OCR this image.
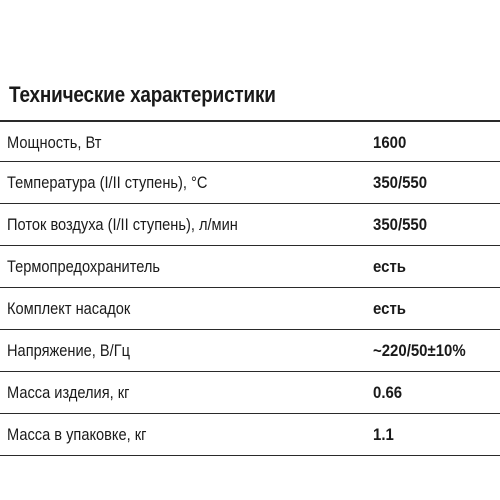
Технические характеристики
Мощность, Вт	1600
Температура (I/II ступень), °С	350/550
Поток воздуха (I/II ступень), л/мин	350/550
Термопредохранитель	есть
Комплект насадок	есть
Напряжение, В/Гц	~220/50±10%
Масса изделия, кг	0.66
Масса в упаковке, кг	1.1
